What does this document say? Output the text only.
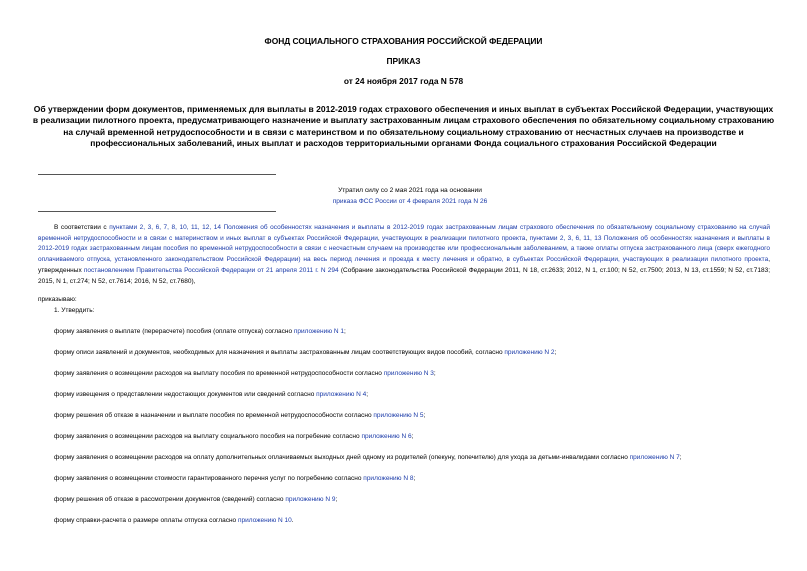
ФОНД СОЦИАЛЬНОГО СТРАХОВАНИЯ РОССИЙСКОЙ ФЕДЕРАЦИИ
ПРИКАЗ
от 24 ноября 2017 года N 578
Об утверждении форм документов, применяемых для выплаты в 2012-2019 годах страхового обеспечения и иных выплат в субъектах Российской Федерации, участвующих в реализации пилотного проекта, предусматривающего назначение и выплату застрахованным лицам страхового обеспечения по обязательному социальному страхованию на случай временной нетрудоспособности и в связи с материнством и по обязательному социальному страхованию от несчастных случаев на производстве и профессиональных заболеваний, иных выплат и расходов территориальными органами Фонда социального страхования Российской Федерации
Утратил силу со 2 мая 2021 года на основании
приказа ФСС России от 4 февраля 2021 года N 26
В соответствии с пунктами 2, 3, 6, 7, 8, 10, 11, 12, 14 Положения об особенностях назначения и выплаты в 2012-2019 годах застрахованным лицам страхового обеспечения по обязательному социальному страхованию на случай временной нетрудоспособности и в связи с материнством и иных выплат в субъектах Российской Федерации, участвующих в реализации пилотного проекта, пунктами 2, 3, 6, 11, 13 Положения об особенностях назначения и выплаты в 2012-2019 годах застрахованным лицам пособия по временной нетрудоспособности в связи с несчастным случаем на производстве или профессиональным заболеванием, а также оплаты отпуска застрахованного лица (сверх ежегодного оплачиваемого отпуска, установленного законодательством Российской Федерации) на весь период лечения и проезда к месту лечения и обратно, в субъектах Российской Федерации, участвующих в реализации пилотного проекта, утвержденных постановлением Правительства Российской Федерации от 21 апреля 2011 г. N 294 (Собрание законодательства Российской Федерации 2011, N 18, ст.2633; 2012, N 1, ст.100; N 52, ст.7500; 2013, N 13, ст.1559; N 52, ст.7183; 2015, N 1, ст.274; N 52, ст.7614; 2016, N 52, ст.7680),
приказываю:
1. Утвердить:
форму заявления о выплате (перерасчете) пособия (оплате отпуска) согласно приложению N 1;
форму описи заявлений и документов, необходимых для назначения и выплаты застрахованным лицам соответствующих видов пособий, согласно приложению N 2;
форму заявления о возмещении расходов на выплату пособия по временной нетрудоспособности согласно приложению N 3;
форму извещения о представлении недостающих документов или сведений согласно приложению N 4;
форму решения об отказе в назначении и выплате пособия по временной нетрудоспособности согласно приложению N 5;
форму заявления о возмещении расходов на выплату социального пособия на погребение согласно приложению N 6;
форму заявления о возмещении расходов на оплату дополнительных оплачиваемых выходных дней одному из родителей (опекуну, попечителю) для ухода за детьми-инвалидами согласно приложению N 7;
форму заявления о возмещении стоимости гарантированного перечня услуг по погребению согласно приложению N 8;
форму решения об отказе в рассмотрении документов (сведений) согласно приложению N 9;
форму справки-расчета о размере оплаты отпуска согласно приложению N 10.
